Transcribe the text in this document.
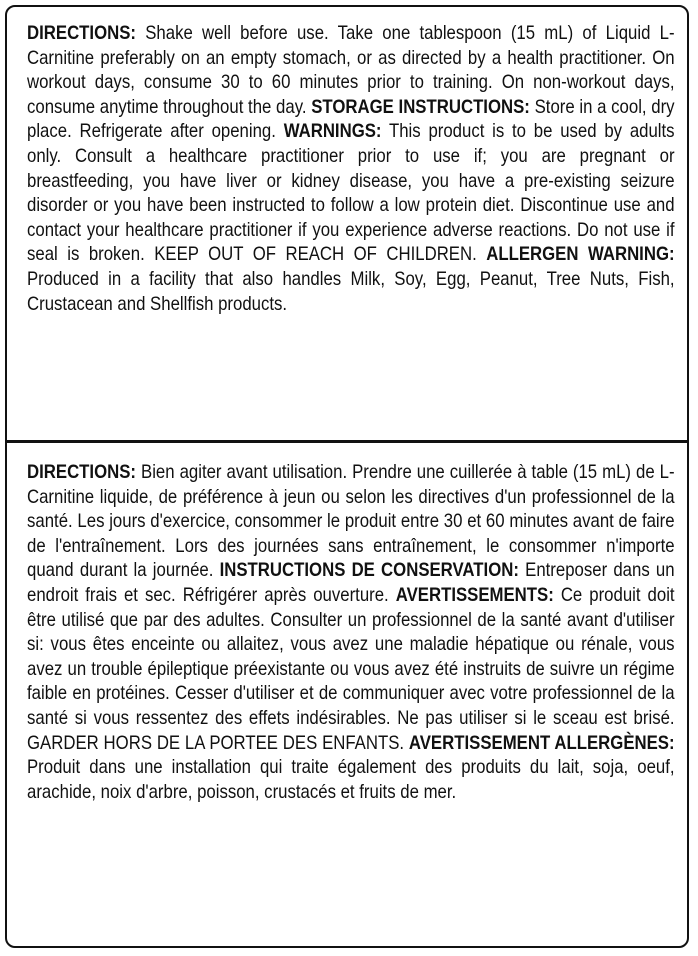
DIRECTIONS: Shake well before use. Take one tablespoon (15 mL) of Liquid L-Carnitine preferably on an empty stomach, or as directed by a health practitioner. On workout days, consume 30 to 60 minutes prior to training. On non-workout days, consume anytime throughout the day. STORAGE INSTRUCTIONS: Store in a cool, dry place. Refrigerate after opening. WARNINGS: This product is to be used by adults only. Consult a healthcare practitioner prior to use if; you are pregnant or breastfeeding, you have liver or kidney disease, you have a pre-existing seizure disorder or you have been instructed to follow a low protein diet. Discontinue use and contact your healthcare practitioner if you experience adverse reactions. Do not use if seal is broken. KEEP OUT OF REACH OF CHILDREN. ALLERGEN WARNING: Produced in a facility that also handles Milk, Soy, Egg, Peanut, Tree Nuts, Fish, Crustacean and Shellfish products.
DIRECTIONS: Bien agiter avant utilisation. Prendre une cuillerée à table (15 mL) de L-Carnitine liquide, de préférence à jeun ou selon les directives d'un professionnel de la santé. Les jours d'exercice, consommer le produit entre 30 et 60 minutes avant de faire de l'entraînement. Lors des journées sans entraînement, le consommer n'importe quand durant la journée. INSTRUCTIONS DE CONSERVATION: Entreposer dans un endroit frais et sec. Réfrigérer après ouverture. AVERTISSEMENTS: Ce produit doit être utilisé que par des adultes. Consulter un professionnel de la santé avant d'utiliser si: vous êtes enceinte ou allaitez, vous avez une maladie hépatique ou rénale, vous avez un trouble épileptique préexistante ou vous avez été instruits de suivre un régime faible en protéines. Cesser d'utiliser et de communiquer avec votre professionnel de la santé si vous ressentez des effets indésirables. Ne pas utiliser si le sceau est brisé. GARDER HORS DE LA PORTEE DES ENFANTS. AVERTISSEMENT ALLERGÈNES: Produit dans une installation qui traite également des produits du lait, soja, oeuf, arachide, noix d'arbre, poisson, crustacés et fruits de mer.
